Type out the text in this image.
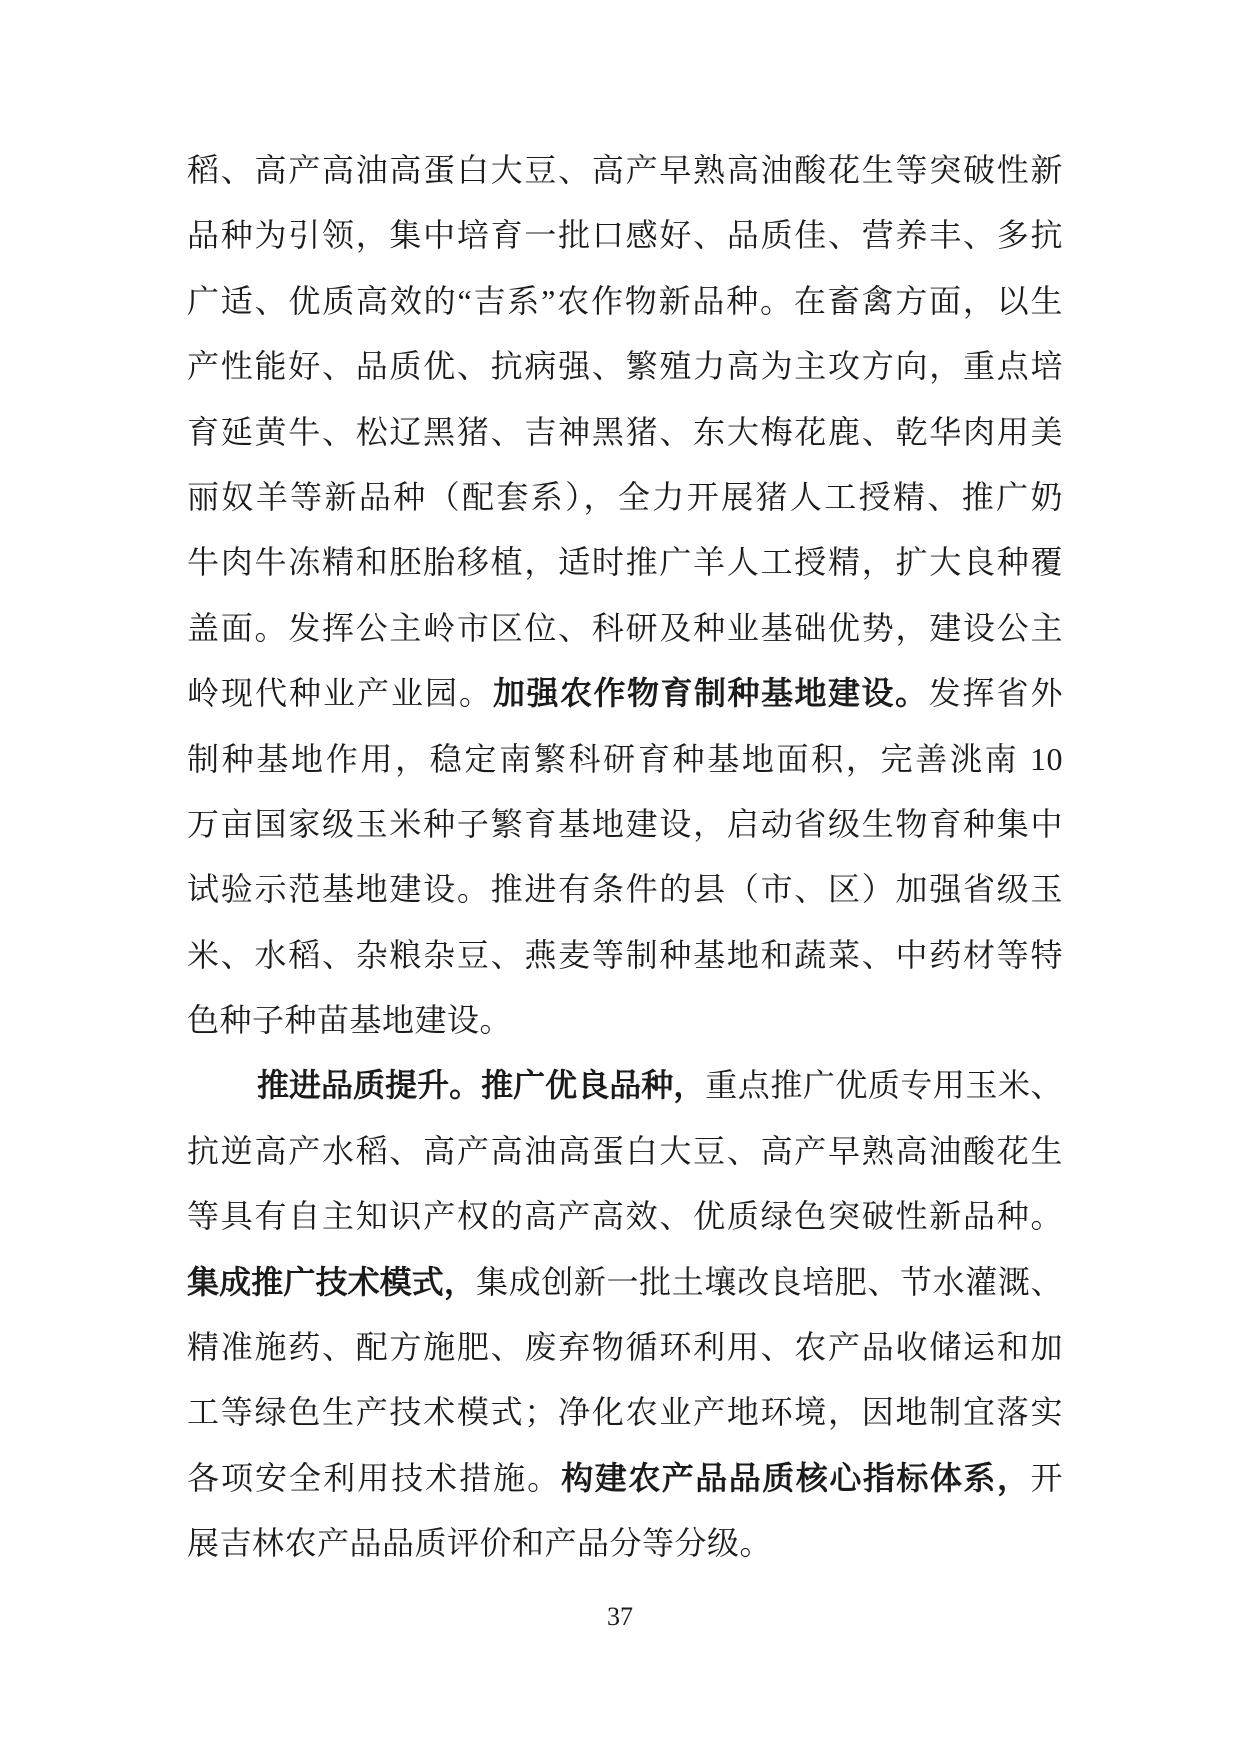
稻、高产高油高蛋白大豆、高产早熟高油酸花生等突破性新
品种为引领，集中培育一批口感好、品质佳、营养丰、多抗
广适、优质高效的“吉系”农作物新品种。在畜禽方面，以生
产性能好、品质优、抗病强、繁殖力高为主攻方向，重点培
育延黄牛、松辽黑猪、吉神黑猪、东大梅花鹿、乾华肉用美
丽奴羊等新品种（配套系），全力开展猪人工授精、推广奶
牛肉牛冻精和胚胎移植，适时推广羊人工授精，扩大良种覆
盖面。发挥公主岭市区位、科研及种业基础优势，建设公主
岭现代种业产业园。加强农作物育制种基地建设。发挥省外
制种基地作用，稳定南繁科研育种基地面积，完善洮南 10
万亩国家级玉米种子繁育基地建设，启动省级生物育种集中
试验示范基地建设。推进有条件的县（市、区）加强省级玉
米、水稻、杂粮杂豆、燕麦等制种基地和蔬菜、中药材等特
色种子种苗基地建设。
推进品质提升。推广优良品种，重点推广优质专用玉米、
抗逆高产水稻、高产高油高蛋白大豆、高产早熟高油酸花生
等具有自主知识产权的高产高效、优质绿色突破性新品种。
集成推广技术模式，集成创新一批土壤改良培肥、节水灌溉、
精准施药、配方施肥、废弃物循环利用、农产品收储运和加
工等绿色生产技术模式；净化农业产地环境，因地制宜落实
各项安全利用技术措施。构建农产品品质核心指标体系，开
展吉林农产品品质评价和产品分等分级。
37
